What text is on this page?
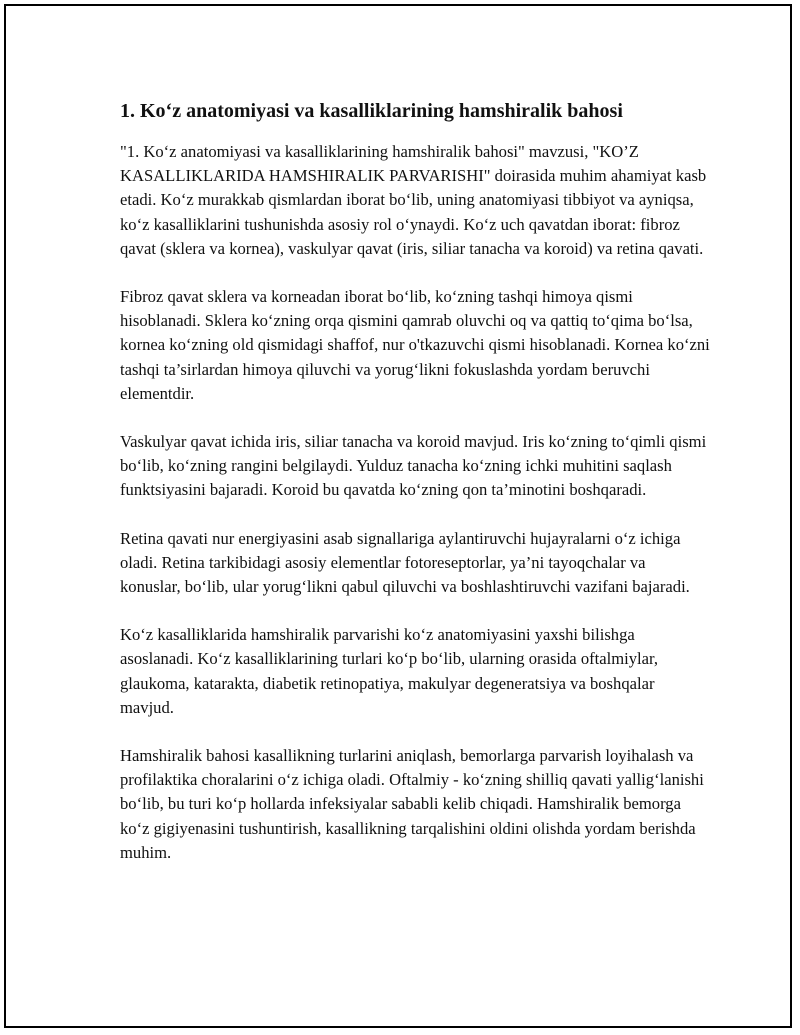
1. Ko‘z anatomiyasi va kasalliklarining hamshiralik bahosi

"1. Ko‘z anatomiyasi va kasalliklarining hamshiralik bahosi" mavzusi, "KO’Z KASALLIKLARIDA HAMSHIRALIK PARVARISHI" doirasida muhim ahamiyat kasb etadi. Ko‘z murakkab qismlardan iborat bo‘lib, uning anatomiyasi tibbiyot va ayniqsa, ko‘z kasalliklarini tushunishda asosiy rol o‘ynaydi. Ko‘z uch qavatdan iborat: fibroz qavat (sklera va kornea), vaskulyar qavat (iris, siliar tanacha va koroid) va retina qavati.

Fibroz qavat sklera va korneadan iborat bo‘lib, ko‘zning tashqi himoya qismi hisoblanadi. Sklera ko‘zning orqa qismini qamrab oluvchi oq va qattiq to‘qima bo‘lsa, kornea ko‘zning old qismidagi shaffof, nur o'tkazuvchi qismi hisoblanadi. Kornea ko‘zni tashqi ta’sirlardan himoya qiluvchi va yorug‘likni fokuslashda yordam beruvchi elementdir.

Vaskulyar qavat ichida iris, siliar tanacha va koroid mavjud. Iris ko‘zning to‘qimli qismi bo‘lib, ko‘zning rangini belgilaydi. Yulduz tanacha ko‘zning ichki muhitini saqlash funktsiyasini bajaradi. Koroid bu qavatda ko‘zning qon ta’minotini boshqaradi.

Retina qavati nur energiyasini asab signallariga aylantiruvchi hujayralarni o‘z ichiga oladi. Retina tarkibidagi asosiy elementlar fotoreseptorlar, ya’ni tayoqchalar va konuslar, bo‘lib, ular yorug‘likni qabul qiluvchi va boshlashtiruvchi vazifani bajaradi.

Ko‘z kasalliklarida hamshiralik parvarishi ko‘z anatomiyasini yaxshi bilishga asoslanadi. Ko‘z kasalliklarining turlari ko‘p bo‘lib, ularning orasida oftalmiylar, glaukoma, katarakta, diabetik retinopatiya, makulyar degeneratsiya va boshqalar mavjud.

Hamshiralik bahosi kasallikning turlarini aniqlash, bemorlarga parvarish loyihalash va profilaktika choralarini o‘z ichiga oladi. Oftalmiy - ko‘zning shilliq qavati yallig‘lanishi bo‘lib, bu turi ko‘p hollarda infeksiyalar sababli kelib chiqadi. Hamshiralik bemorga ko‘z gigiyenasini tushuntirish, kasallikning tarqalishini oldini olishda yordam berishda muhim.
